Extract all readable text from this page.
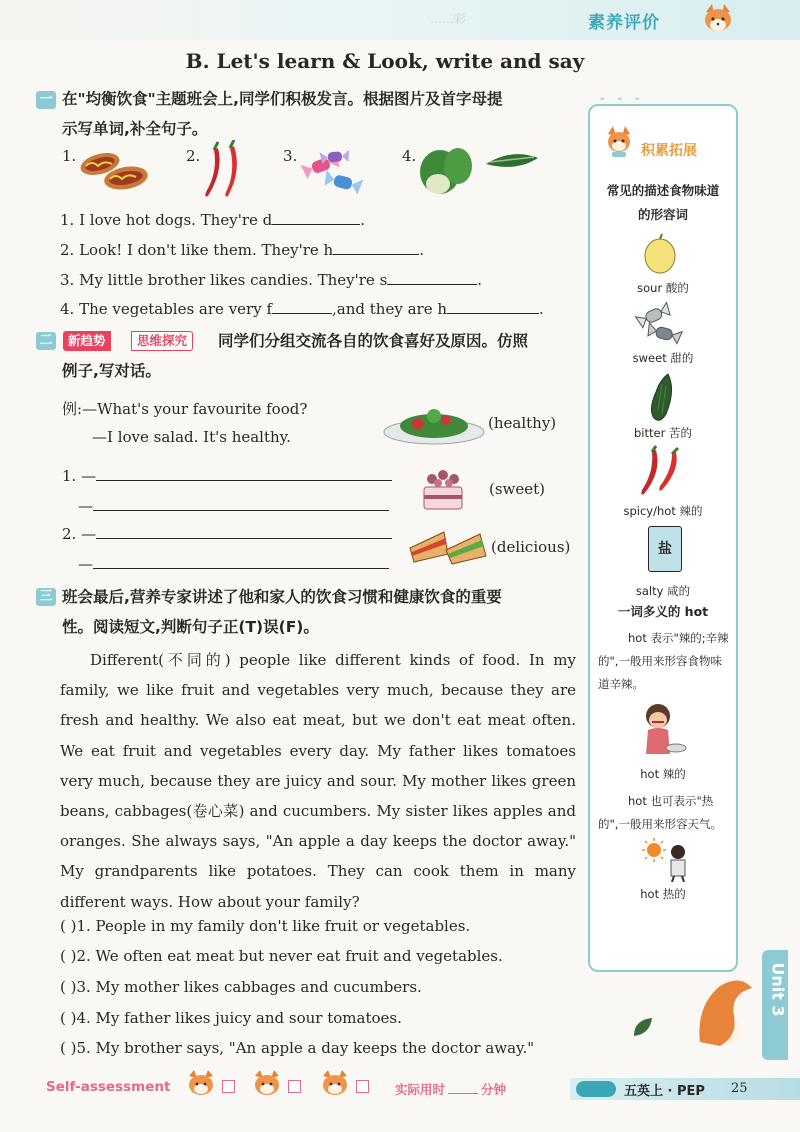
……彩	素养评价
B. Let's learn & Look, write and say
⌄ ⌄ ⌄
一 在"均衡饮食"主题班会上,同学们积极发言。根据图片及首字母提
示写单词,补全句子。
1.	2.	3.	4.
1. I love hot dogs. They're d	.
2. Look! I don't like them. They're h	.
3. My little brother likes candies. They're s	.
4. The vegetables are very f	,and they are h	.
二	新趋势	思维探究	同学们分组交流各自的饮食喜好及原因。仿照
例子,写对话。
例:—What's your favourite food?
—I love salad. It's healthy.
(healthy)
1. —
—
(sweet)
2. —
—
(delicious)
三 班会最后,营养专家讲述了他和家人的饮食习惯和健康饮食的重要
性。阅读短文,判断句子正(T)误(F)。

Different(不同的) people like different kinds of food. In my family, we like fruit and vegetables very much, because they are fresh and healthy. We also eat meat, but we don't eat meat often. We eat fruit and vegetables every day. My father likes tomatoes very much, because they are juicy and sour. My mother likes green beans, cabbages(卷心菜) and cucumbers. My sister likes apples and oranges. She always says, "An apple a day keeps the doctor away." My grandparents like potatoes. They can cook them in many different ways. How about your family?

( )1. People in my family don't like fruit or vegetables.
( )2. We often eat meat but never eat fruit and vegetables.
( )3. My mother likes cabbages and cucumbers.
( )4. My father likes juicy and sour tomatoes.
( )5. My brother says, "An apple a day keeps the doctor away."
积累拓展
常见的描述食物味道
的形容词
sour 酸的
sweet 甜的
bitter 苦的
spicy/hot 辣的
盐
salty 咸的
一词多义的 hot
hot 表示"辣的;辛辣的",一般用来形容食物味道辛辣。
hot 辣的
hot 也可表示"热的",一般用来形容天气。
hot 热的
Unit 3
Self-assessment	实际用时	分钟	五英上 · PEP 25
